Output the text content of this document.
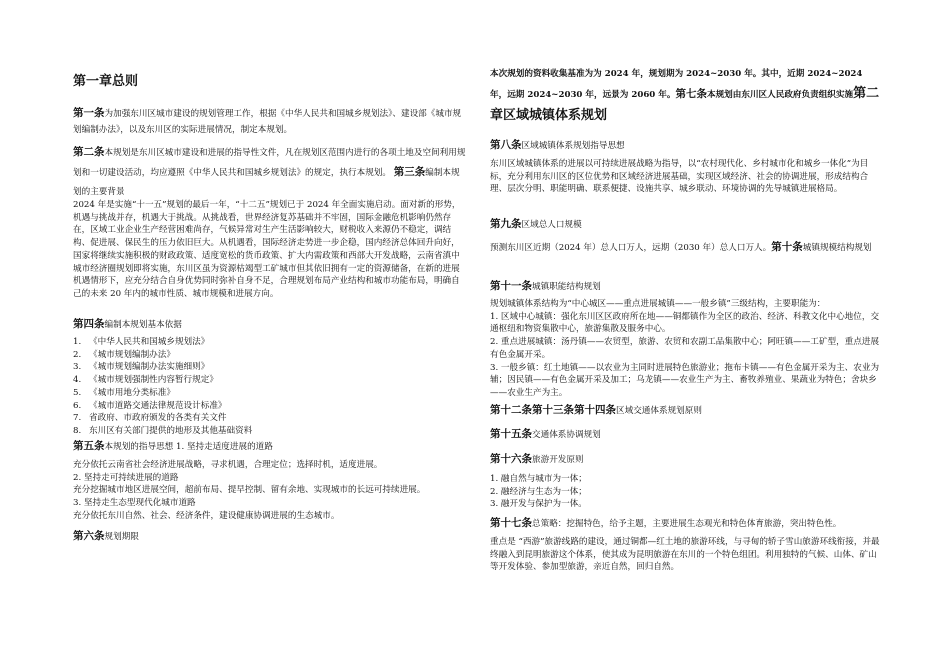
第一章总则
第一条为加强东川区城市建设的规划管理工作，根据《中华人民共和国城乡规划法》、建设部《城市规划编制办法》，以及东川区的实际进展情况，制定本规划。
第二条本规划是东川区城市建设和进展的指导性文件，凡在规划区范围内进行的各项土地及空间利用规划和一切建设活动，均应遵照《中华人民共和国城乡规划法》的规定，执行本规划。 第三条编制本规划的主要背景
2024 年是实施“十一五”规划的最后一年，“十二五”规划已于 2024 年全面实施启动。面对新的形势，机遇与挑战并存，机遇大于挑战。从挑战看，世界经济复苏基础并不牢固，国际金融危机影响仍然存在，区域工业企业生产经营困难尚存，气候异常对生产生活影响较大，财税收入来源仍不稳定，调结构、促进展、保民生的压力依旧巨大。从机遇看，国际经济走势进一步企稳，国内经济总体回升向好，国家将继续实施积极的财政政策、适度宽松的货币政策、扩大内需政策和西部大开发战略，云南省滇中城市经济圈规划即将实施，东川区虽为资源枯竭型工矿城市但其依旧拥有一定的资源储备，在新的进展机遇情形下，应充分结合自身优势同时弥补自身不足，合理规划布局产业结构和城市功能布局，明确自己的未来 20 年内的城市性质、城市规模和进展方向。
第四条编制本规划基本依据
1. 《中华人民共和国城乡规划法》
2. 《城市规划编制办法》
3. 《城市规划编制办法实施细则》
4. 《城市规划强制性内容暂行规定》
5. 《城市用地分类标准》
6. 《城市道路交通法律规范设计标准》
7. 省政府、市政府颁发的各类有关文件
8. 东川区有关部门提供的地形及其他基础资料
第五条本规划的指导思想 1. 坚持走适度进展的道路
充分依托云南省社会经济进展战略，寻求机遇，合理定位；选择时机，适度进展。
2. 坚持走可持续进展的道路
充分挖掘城市地区进展空间，超前布局、提早控制、留有余地、实现城市的长远可持续进展。
3. 坚持走生态型现代化城市道路
充分依托东川自然、社会、经济条件，建设健康协调进展的生态城市。
第六条规划期限
本次规划的资料收集基准为为 2024 年，规划期为 2024~2030 年。其中，近期 2024~2024 年，远期 2024~2030 年，远景为 2060 年。第七条本规划由东川区人民政府负责组织实施第二
章区域城镇体系规划
第八条区域城镇体系规划指导思想
东川区域城镇体系的进展以可持续进展战略为指导，以“农村现代化、乡村城市化和城乡一体化”为目标，充分利用东川区的区位优势和区域经济进展基础，实现区域经济、社会的协调进展，形成结构合理、层次分明、职能明确、联系便捷、设施共享、城乡联动、环境协调的先导城镇进展格局。
第九条区域总人口规模
预测东川区近期（2024 年）总人口万人，远期（2030 年）总人口万人。第十条城镇规模结构规划
第十一条城镇职能结构规划
规划城镇体系结构为“中心城区——重点进展城镇——一般乡镇”三级结构，主要职能为：
1. 区域中心城镇：强化东川区区政府所在地——铜都镇作为全区的政治、经济、科教文化中心地位，交通枢纽和物资集散中心，旅游集散及服务中心。
2. 重点进展城镇：汤丹镇——农贸型，旅游、农贸和农副工品集散中心；阿旺镇——工矿型，重点进展有色金属开采。
3. 一般乡镇：红土地镇——以农业为主同时进展特色旅游业；拖布卡镇——有色金属开采为主、农业为辅；因民镇——有色金属开采及加工；乌龙镇——农业生产为主、畜牧养殖业、果蔬业为特色；舍块乡——农业生产为主。
第十二条第十三条第十四条区域交通体系规划原则
第十五条交通体系协调规划
第十六条旅游开发原则
1. 融自然与城市为一体；
2. 融经济与生态为一体；
3. 融开发与保护为一体。
第十七条总策略：挖掘特色，给予主题，主要进展生态观光和特色体育旅游，突出特色性。
重点是 “西游”旅游线路的建设，通过铜都—红土地的旅游环线，与寻甸的轿子雪山旅游环线衔接，并最终融入到昆明旅游这个体系，使其成为昆明旅游在东川的一个特色组团。利用独特的气候、山体、矿山等开发体验、参加型旅游，亲近自然，回归自然。
